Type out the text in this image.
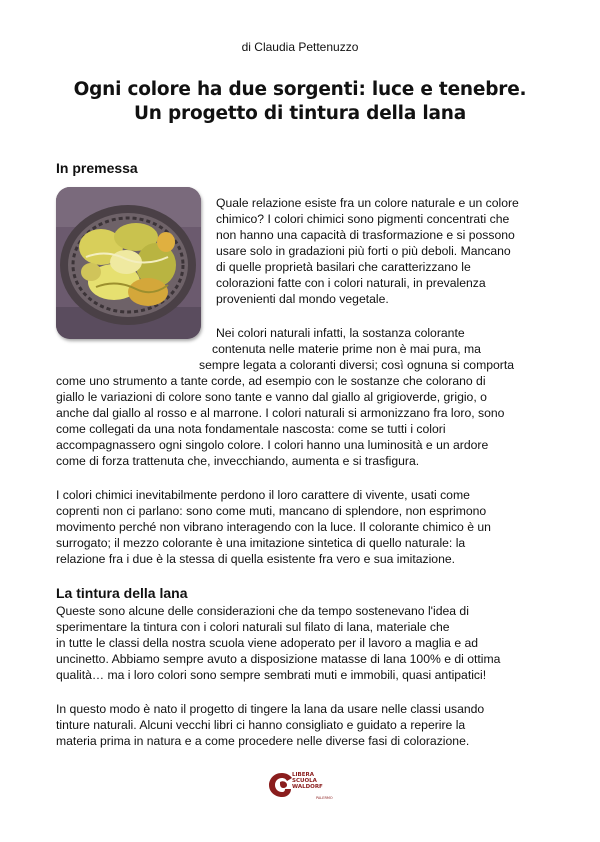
di Claudia Pettenuzzo
Ogni colore ha due sorgenti: luce e tenebre.
Un progetto di tintura della lana
In premessa
Quale relazione esiste fra un colore naturale e un colore
chimico? I colori chimici sono pigmenti concentrati che
non hanno una capacità di trasformazione e si possono
usare solo in gradazioni più forti o più deboli. Mancano
di quelle proprietà basilari che caratterizzano le
colorazioni fatte con i colori naturali, in prevalenza
provenienti dal mondo vegetale.
Nei colori naturali infatti, la sostanza colorante
contenuta nelle materie prime non è mai pura, ma
sempre legata a coloranti diversi; così ognuna si comporta
come uno strumento a tante corde, ad esempio con le sostanze che colorano di
giallo le variazioni di colore sono tante e vanno dal giallo al grigioverde, grigio, o
anche dal giallo al rosso e al marrone. I colori naturali si armonizzano fra loro, sono
come collegati da una nota fondamentale nascosta: come se tutti i colori
accompagnassero ogni singolo colore. I colori hanno una luminosità e un ardore
come di forza trattenuta che, invecchiando, aumenta e si trasfigura.
I colori chimici inevitabilmente perdono il loro carattere di vivente, usati come
coprenti non ci parlano: sono come muti, mancano di splendore, non esprimono
movimento perché non vibrano interagendo con la luce. Il colorante chimico è un
surrogato; il mezzo colorante è una imitazione sintetica di quello naturale: la
relazione fra i due è la stessa di quella esistente fra vero e sua imitazione.
La tintura della lana
Queste sono alcune delle considerazioni che da tempo sostenevano l'idea di
sperimentare la tintura con i colori naturali sul filato di lana, materiale che
in tutte le classi della nostra scuola viene adoperato per il lavoro a maglia e ad
uncinetto. Abbiamo sempre avuto a disposizione matasse di lana 100% e di ottima
qualità… ma i loro colori sono sempre sembrati muti e immobili, quasi antipatici!
In questo modo è nato il progetto di tingere la lana da usare nelle classi usando
tinture naturali. Alcuni vecchi libri ci hanno consigliato e guidato a reperire la
materia prima in natura e a come procedere nelle diverse fasi di colorazione.
LIBERA
SCUOLA
WALDORF
PALERMO
